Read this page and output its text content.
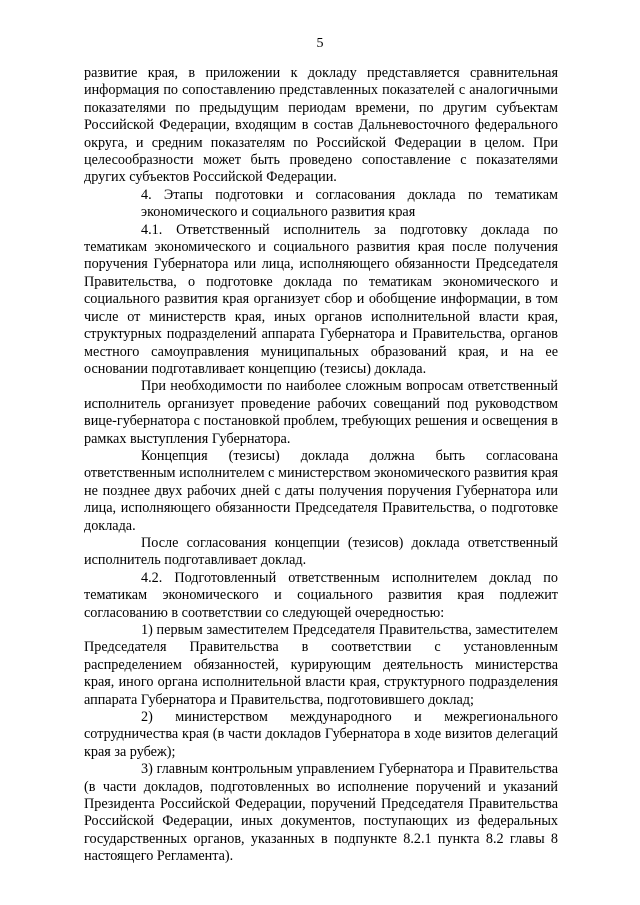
5

развитие края, в приложении к докладу представляется сравнительная информация по сопоставлению представленных показателей с аналогичными показателями по предыдущим периодам времени, по другим субъектам Российской Федерации, входящим в состав Дальневосточного федерального округа, и средним показателям по Российской Федерации в целом. При целесообразности может быть проведено сопоставление с показателями других субъектов Российской Федерации.

4. Этапы подготовки и согласования доклада по тематикам экономического и социального развития края

4.1. Ответственный исполнитель за подготовку доклада по тематикам экономического и социального развития края после получения поручения Губернатора или лица, исполняющего обязанности Председателя Правительства, о подготовке доклада по тематикам экономического и социального развития края организует сбор и обобщение информации, в том числе от министерств края, иных органов исполнительной власти края, структурных подразделений аппарата Губернатора и Правительства, органов местного самоуправления муниципальных образований края, и на ее основании подготавливает концепцию (тезисы) доклада.

При необходимости по наиболее сложным вопросам ответственный исполнитель организует проведение рабочих совещаний под руководством вице-губернатора с постановкой проблем, требующих решения и освещения в рамках выступления Губернатора.

Концепция (тезисы) доклада должна быть согласована ответственным исполнителем с министерством экономического развития края не позднее двух рабочих дней с даты получения поручения Губернатора или лица, исполняющего обязанности Председателя Правительства, о подготовке доклада.

После согласования концепции (тезисов) доклада ответственный исполнитель подготавливает доклад.

4.2. Подготовленный ответственным исполнителем доклад по тематикам экономического и социального развития края подлежит согласованию в соответствии со следующей очередностью:

1) первым заместителем Председателя Правительства, заместителем Председателя Правительства в соответствии с установленным распределением обязанностей, курирующим деятельность министерства края, иного органа исполнительной власти края, структурного подразделения аппарата Губернатора и Правительства, подготовившего доклад;

2) министерством международного и межрегионального сотрудничества края (в части докладов Губернатора в ходе визитов делегаций края за рубеж);

3) главным контрольным управлением Губернатора и Правительства (в части докладов, подготовленных во исполнение поручений и указаний Президента Российской Федерации, поручений Председателя Правительства Российской Федерации, иных документов, поступающих из федеральных государственных органов, указанных в подпункте 8.2.1 пункта 8.2 главы 8 настоящего Регламента).
